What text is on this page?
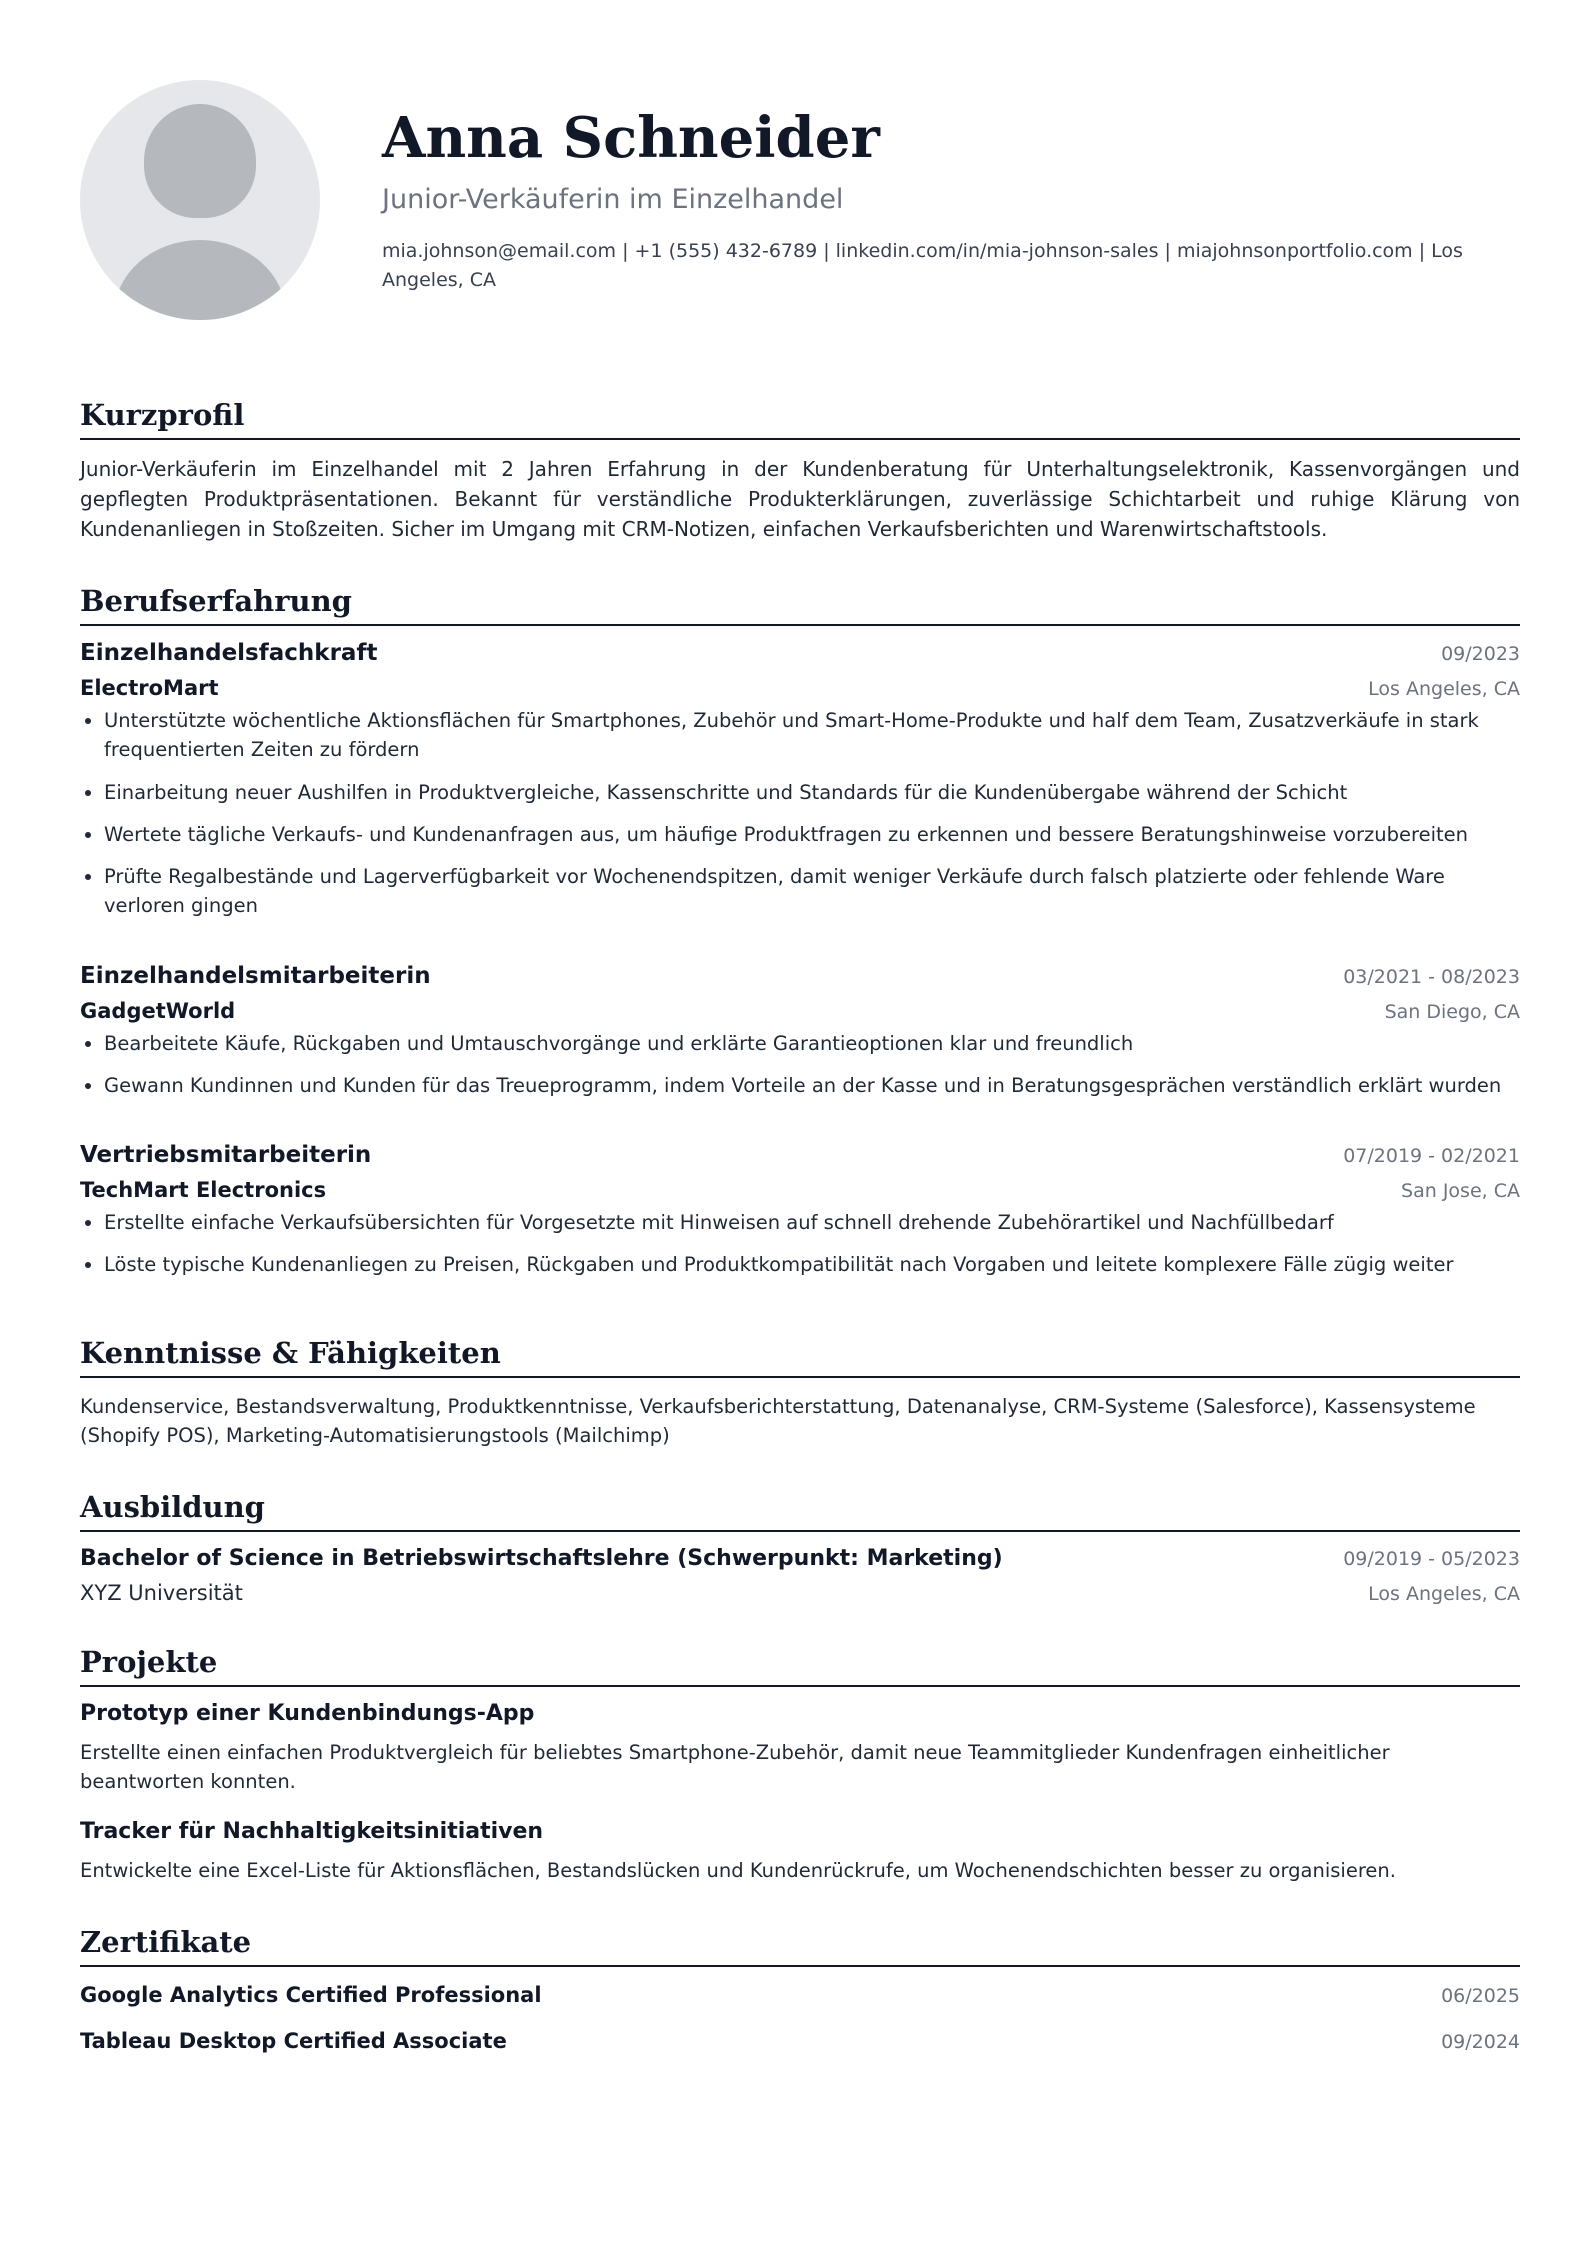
Anna Schneider
Junior-Verkäuferin im Einzelhandel
mia.johnson@email.com | +1 (555) 432-6789 | linkedin.com/in/mia-johnson-sales | miajohnsonportfolio.com | Los Angeles, CA
Kurzprofil
Junior-Verkäuferin im Einzelhandel mit 2 Jahren Erfahrung in der Kundenberatung für Unterhaltungselektronik, Kassenvorgängen und gepflegten Produktpräsentationen. Bekannt für verständliche Produkterklärungen, zuverlässige Schichtarbeit und ruhige Klärung von Kundenanliegen in Stoßzeiten. Sicher im Umgang mit CRM-Notizen, einfachen Verkaufsberichten und Warenwirtschaftstools.
Berufserfahrung
Einzelhandelsfachkraft	09/2023
ElectroMart	Los Angeles, CA
• Unterstützte wöchentliche Aktionsflächen für Smartphones, Zubehör und Smart-Home-Produkte und half dem Team, Zusatzverkäufe in stark frequentierten Zeiten zu fördern
• Einarbeitung neuer Aushilfen in Produktvergleiche, Kassenschritte und Standards für die Kundenübergabe während der Schicht
• Wertete tägliche Verkaufs- und Kundenanfragen aus, um häufige Produktfragen zu erkennen und bessere Beratungshinweise vorzubereiten
• Prüfte Regalbestände und Lagerverfügbarkeit vor Wochenendspitzen, damit weniger Verkäufe durch falsch platzierte oder fehlende Ware verloren gingen
Einzelhandelsmitarbeiterin	03/2021 - 08/2023
GadgetWorld	San Diego, CA
• Bearbeitete Käufe, Rückgaben und Umtauschvorgänge und erklärte Garantieoptionen klar und freundlich
• Gewann Kundinnen und Kunden für das Treueprogramm, indem Vorteile an der Kasse und in Beratungsgesprächen verständlich erklärt wurden
Vertriebsmitarbeiterin	07/2019 - 02/2021
TechMart Electronics	San Jose, CA
• Erstellte einfache Verkaufsübersichten für Vorgesetzte mit Hinweisen auf schnell drehende Zubehörartikel und Nachfüllbedarf
• Löste typische Kundenanliegen zu Preisen, Rückgaben und Produktkompatibilität nach Vorgaben und leitete komplexere Fälle zügig weiter
Kenntnisse & Fähigkeiten
Kundenservice, Bestandsverwaltung, Produktkenntnisse, Verkaufsberichterstattung, Datenanalyse, CRM-Systeme (Salesforce), Kassensysteme (Shopify POS), Marketing-Automatisierungstools (Mailchimp)
Ausbildung
Bachelor of Science in Betriebswirtschaftslehre (Schwerpunkt: Marketing)	09/2019 - 05/2023
XYZ Universität	Los Angeles, CA
Projekte
Prototyp einer Kundenbindungs-App
Erstellte einen einfachen Produktvergleich für beliebtes Smartphone-Zubehör, damit neue Teammitglieder Kundenfragen einheitlicher beantworten konnten.
Tracker für Nachhaltigkeitsinitiativen
Entwickelte eine Excel-Liste für Aktionsflächen, Bestandslücken und Kundenrückrufe, um Wochenendschichten besser zu organisieren.
Zertifikate
Google Analytics Certified Professional	06/2025
Tableau Desktop Certified Associate	09/2024
